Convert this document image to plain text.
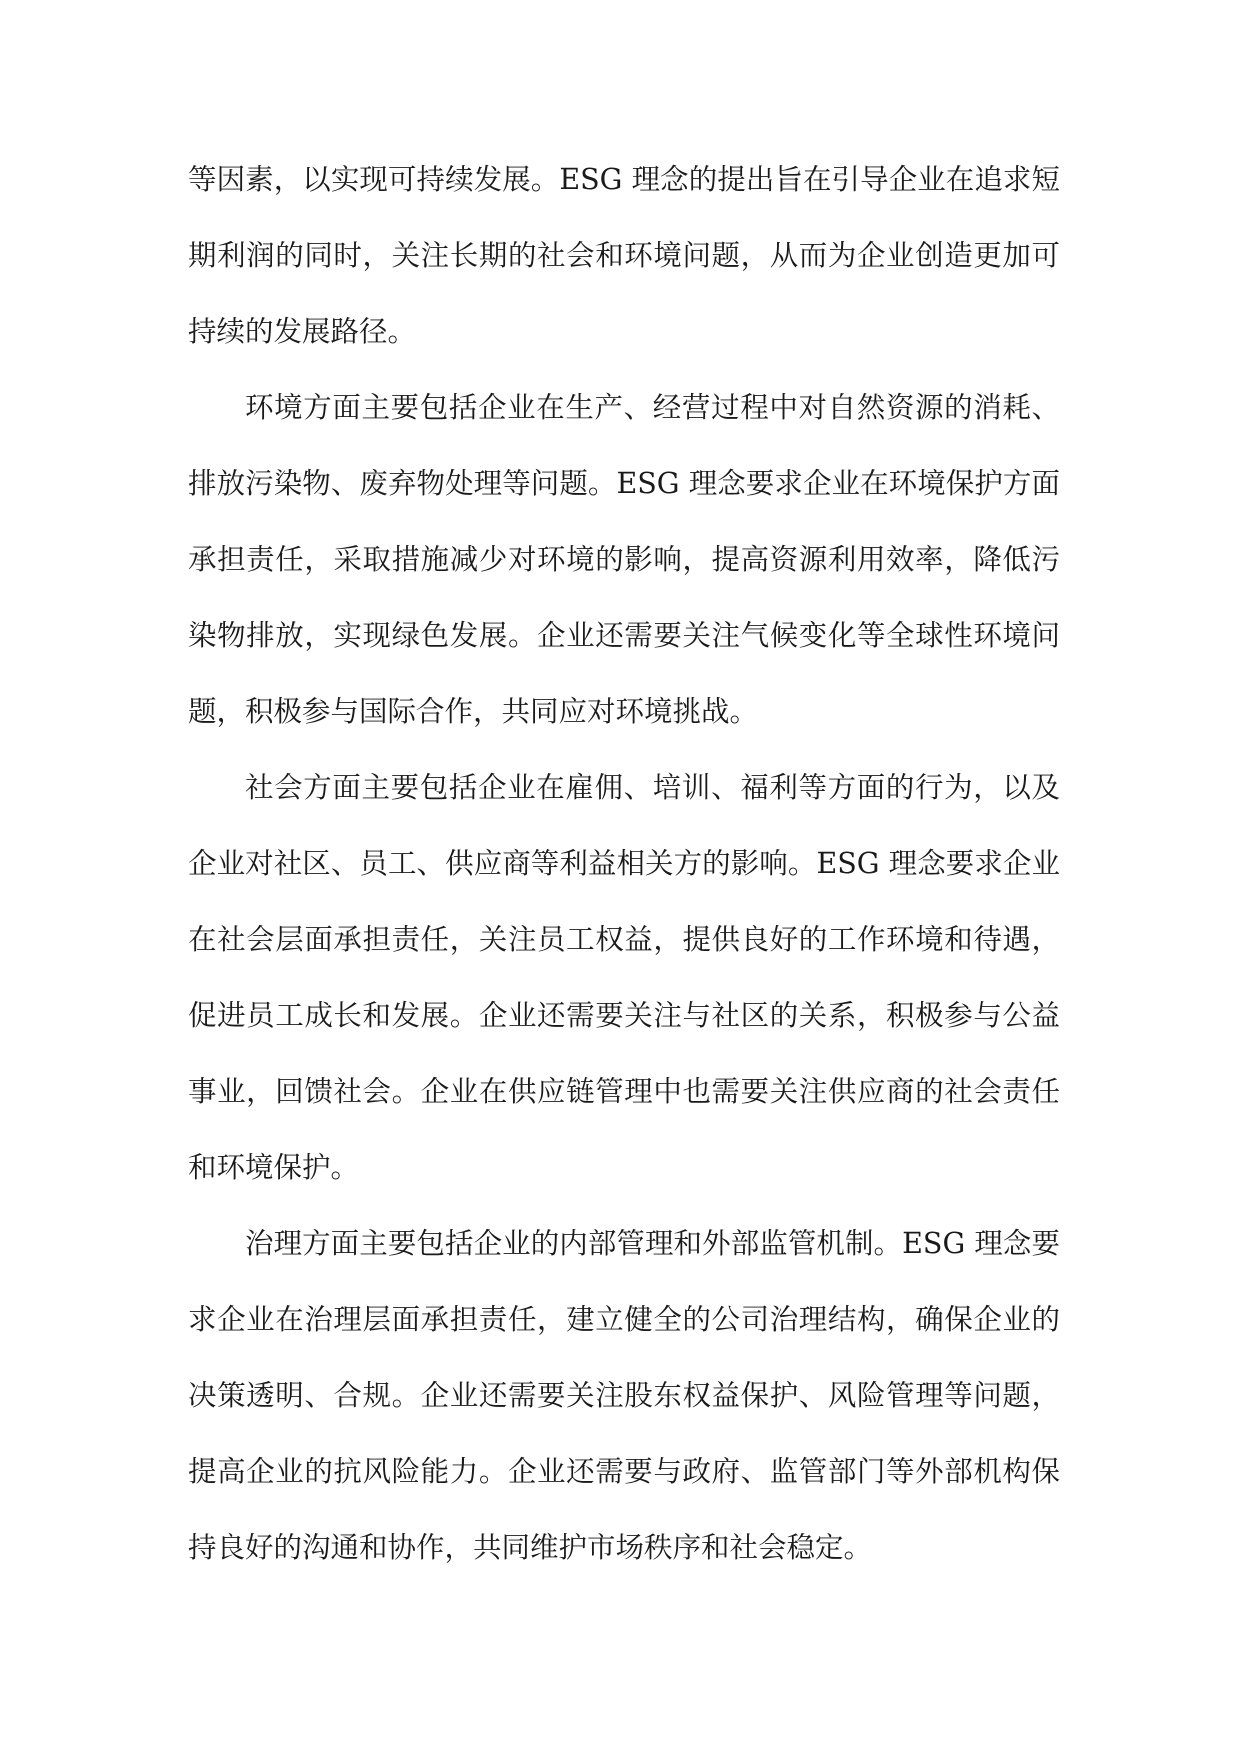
等因素，以实现可持续发展。ESG 理念的提出旨在引导企业在追求短期利润的同时，关注长期的社会和环境问题，从而为企业创造更加可持续的发展路径。

环境方面主要包括企业在生产、经营过程中对自然资源的消耗、排放污染物、废弃物处理等问题。ESG 理念要求企业在环境保护方面承担责任，采取措施减少对环境的影响，提高资源利用效率，降低污染物排放，实现绿色发展。企业还需要关注气候变化等全球性环境问题，积极参与国际合作，共同应对环境挑战。

社会方面主要包括企业在雇佣、培训、福利等方面的行为，以及企业对社区、员工、供应商等利益相关方的影响。ESG 理念要求企业在社会层面承担责任，关注员工权益，提供良好的工作环境和待遇，促进员工成长和发展。企业还需要关注与社区的关系，积极参与公益事业，回馈社会。企业在供应链管理中也需要关注供应商的社会责任和环境保护。

治理方面主要包括企业的内部管理和外部监管机制。ESG 理念要求企业在治理层面承担责任，建立健全的公司治理结构，确保企业的决策透明、合规。企业还需要关注股东权益保护、风险管理等问题，提高企业的抗风险能力。企业还需要与政府、监管部门等外部机构保持良好的沟通和协作，共同维护市场秩序和社会稳定。
